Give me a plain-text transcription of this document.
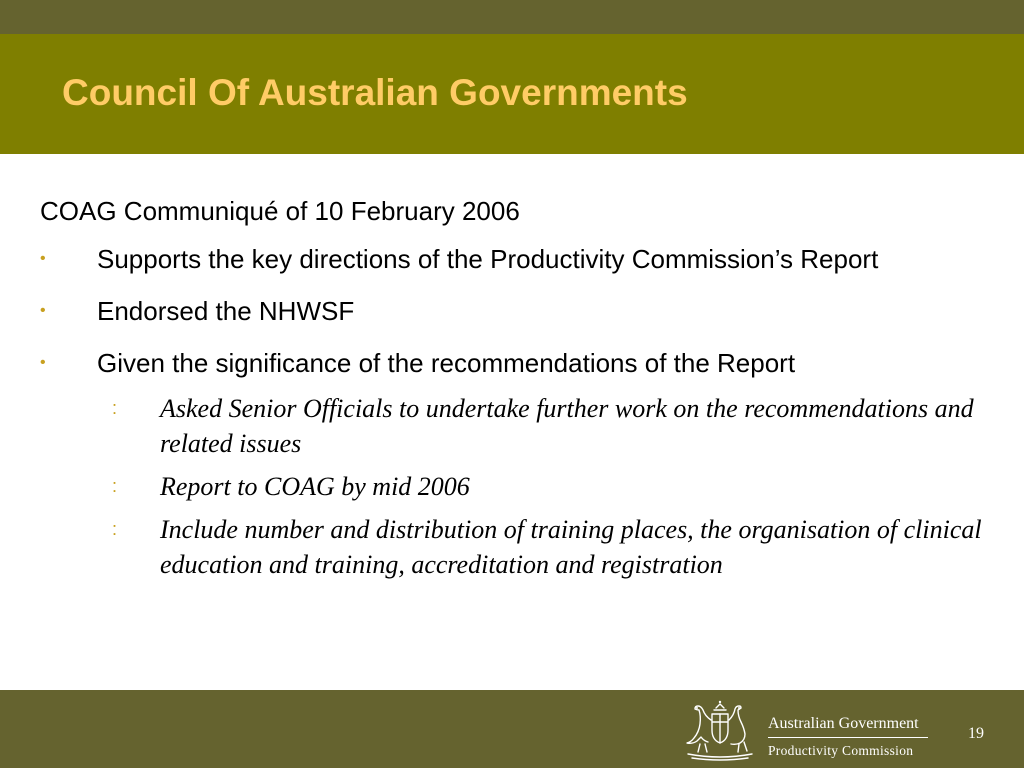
Council Of Australian Governments
COAG Communiqué of 10 February 2006
• Supports the key directions of the Productivity Commission’s Report
• Endorsed the NHWSF
• Given the significance of the recommendations of the Report
: Asked Senior Officials to undertake further work on the recommendations and related issues
: Report to COAG by mid 2006
: Include number and distribution of training places, the organisation of clinical education and training, accreditation and registration
Australian Government
Productivity Commission
19
